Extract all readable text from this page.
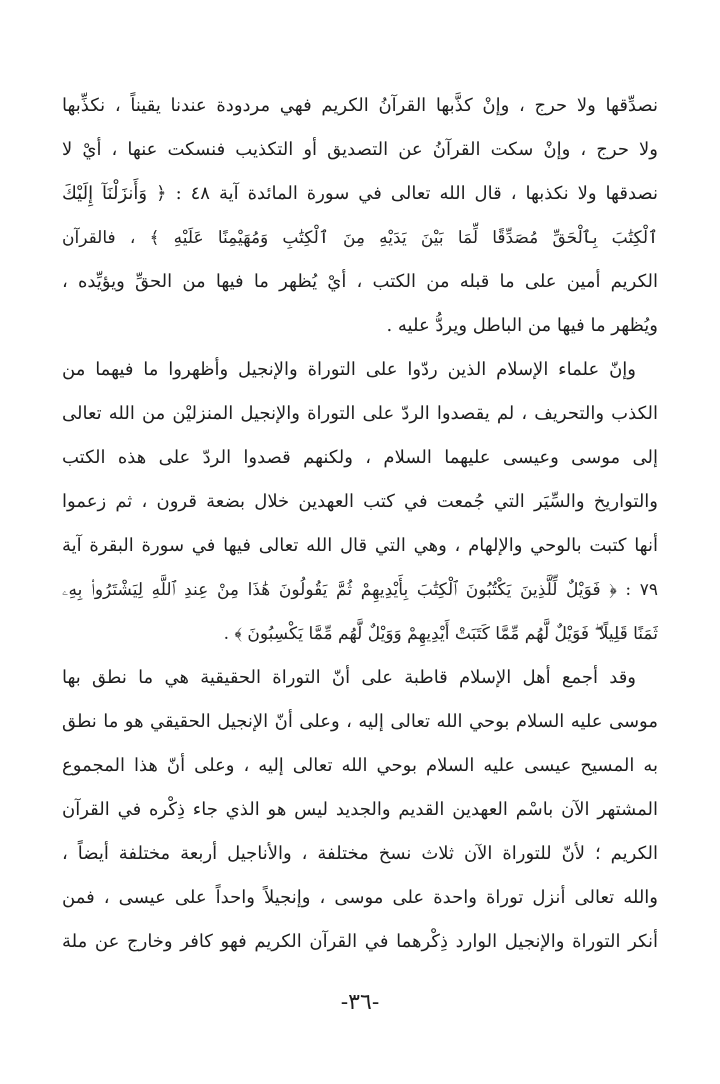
نصدِّقها ولا حرج ، وإنْ كذَّبها القرآنُ الكريم فهي مردودة عندنا يقيناً ، نكذِّبها
ولا حرج ، وإنْ سكت القرآنُ عن التصديق أو التكذيب فنسكت عنها ، أيْ لا
نصدقها ولا نكذبها ، قال الله تعالى في سورة المائدة آية ٤٨ : ﴿ وَأَنزَلْنَآ إِلَيْكَ
ٱلْكِتَٰبَ بِٱلْحَقِّ مُصَدِّقًا لِّمَا بَيْنَ يَدَيْهِ مِنَ ٱلْكِتَٰبِ وَمُهَيْمِنًا عَلَيْهِ ﴾ ، فالقرآن
الكريم أمين على ما قبله من الكتب ، أيْ يُظهر ما فيها من الحقِّ ويؤيِّده ،
ويُظهر ما فيها من الباطل ويردُّ عليه .
وإنّ علماء الإسلام الذين ردّوا على التوراة والإنجيل وأظهروا ما فيهما من
الكذب والتحريف ، لم يقصدوا الردّ على التوراة والإنجيل المنزليْن من الله تعالى
إلى موسى وعيسى عليهما السلام ، ولكنهم قصدوا الردّ على هذه الكتب
والتواريخ والسِّيَر التي جُمعت في كتب العهدين خلال بضعة قرون ، ثم زعموا
أنها كتبت بالوحي والإلهام ، وهي التي قال الله تعالى فيها في سورة البقرة آية
٧٩ : ﴿ فَوَيْلٌ لِّلَّذِينَ يَكْتُبُونَ ٱلْكِتَٰبَ بِأَيْدِيهِمْ ثُمَّ يَقُولُونَ هَٰذَا مِنْ عِندِ ٱللَّهِ لِيَشْتَرُوا۟ بِهِۦ
ثَمَنًا قَلِيلًا ۖ فَوَيْلٌ لَّهُم مِّمَّا كَتَبَتْ أَيْدِيهِمْ وَوَيْلٌ لَّهُم مِّمَّا يَكْسِبُونَ ﴾ .
وقد أجمع أهل الإسلام قاطبة على أنّ التوراة الحقيقية هي ما نطق بها
موسى عليه السلام بوحي الله تعالى إليه ، وعلى أنّ الإنجيل الحقيقي هو ما نطق
به المسيح عيسى عليه السلام بوحي الله تعالى إليه ، وعلى أنّ هذا المجموع
المشتهر الآن باسْم العهدين القديم والجديد ليس هو الذي جاء ذِكْره في القرآن
الكريم ؛ لأنّ للتوراة الآن ثلاث نسخ مختلفة ، والأناجيل أربعة مختلفة أيضاً ،
والله تعالى أنزل توراة واحدة على موسى ، وإنجيلاً واحداً على عيسى ، فمن
أنكر التوراة والإنجيل الوارد ذِكْرهما في القرآن الكريم فهو كافر وخارج عن ملة
-٣٦-
